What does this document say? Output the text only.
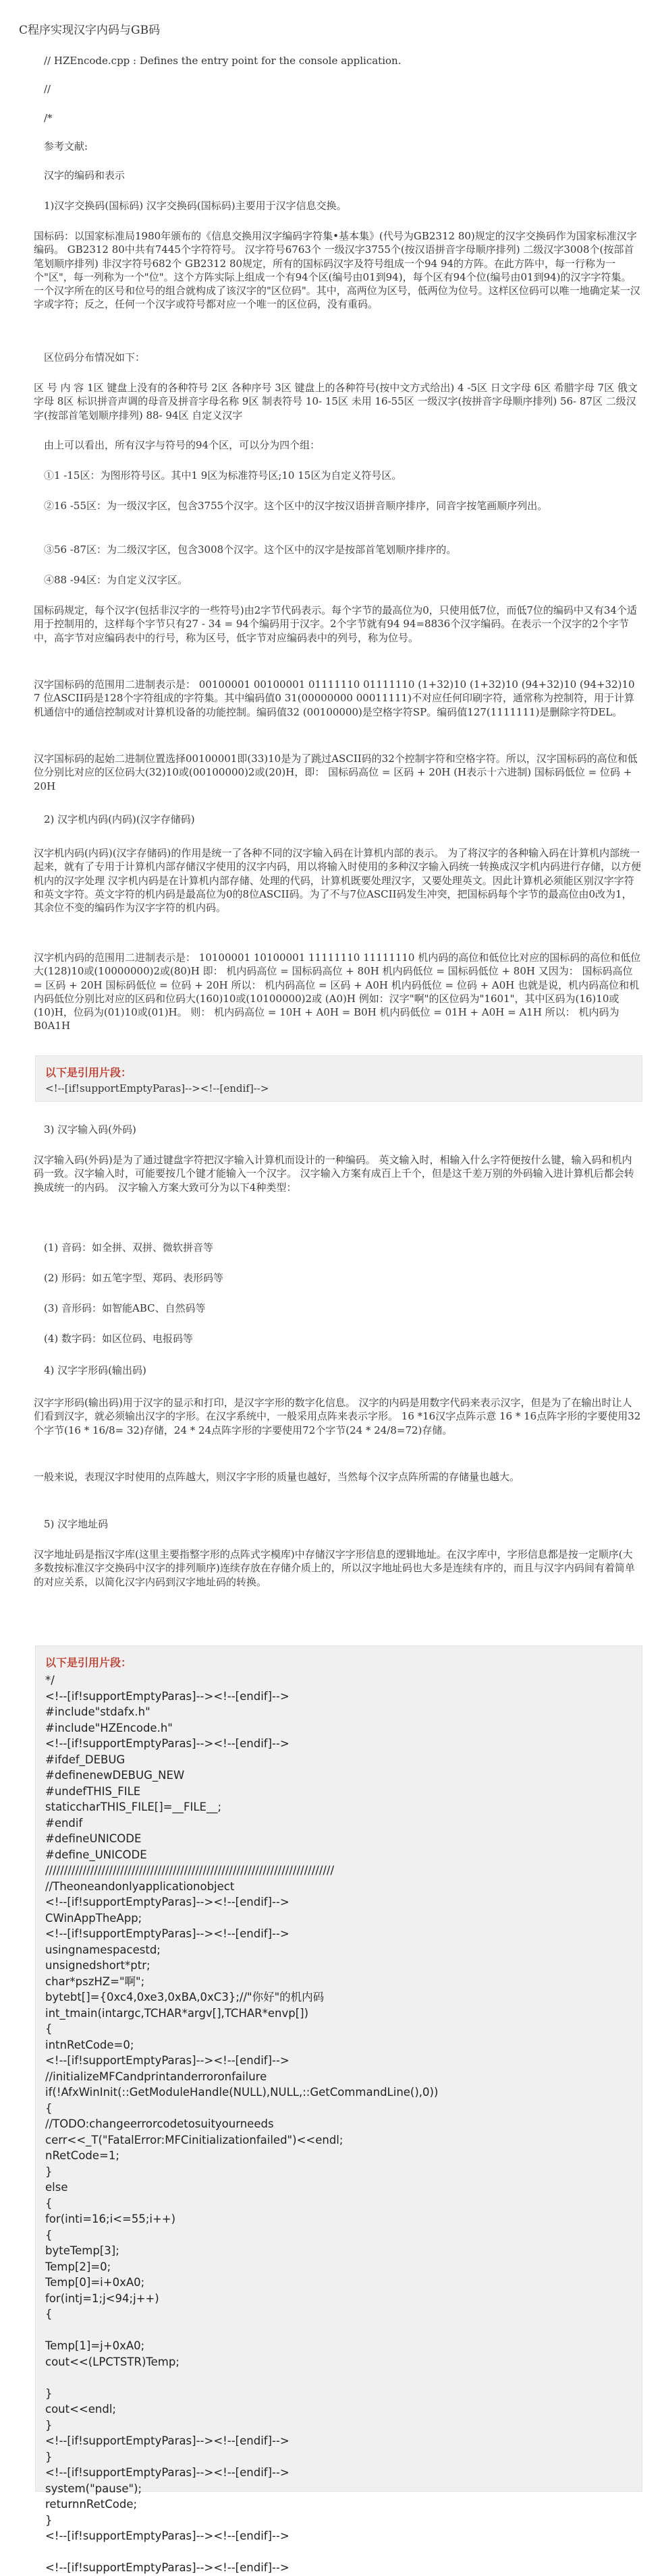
C程序实现汉字内码与GB码

// HZEncode.cpp : Defines the entry point for the console application.

//

/*

参考文献:

汉字的编码和表示

1)汉字交换码(国标码) 汉字交换码(国标码)主要用于汉字信息交换。

国标码：以国家标准局1980年颁布的《信息交换用汉字编码字符集•基本集》(代号为GB2312 80)规定的汉字交换码作为国家标准汉字编码。 GB2312 80中共有7445个字符符号。 汉字符号6763个 一级汉字3755个(按汉语拼音字母顺序排列) 二级汉字3008个(按部首笔划顺序排列) 非汉字符号682个 GB2312 80规定，所有的国标码汉字及符号组成一个94 94的方阵。在此方阵中，每一行称为一个"区"，每一列称为一个"位"。这个方阵实际上组成一个有94个区(编号由01到94)，每个区有94个位(编号由01到94)的汉字字符集。 一个汉字所在的区号和位号的组合就构成了该汉字的"区位码"。其中，高两位为区号，低两位为位号。这样区位码可以唯一地确定某一汉字或字符；反之，任何一个汉字或符号都对应一个唯一的区位码，没有重码。

区位码分布情况如下：

区 号 内 容 1区 键盘上没有的各种符号 2区 各种序号 3区 键盘上的各种符号(按中文方式给出) 4 -5区 日文字母 6区 希腊字母 7区 俄文字母 8区 标识拼音声调的母音及拼音字母名称 9区 制表符号 10- 15区 未用 16-55区 一级汉字(按拼音字母顺序排列) 56- 87区 二级汉字(按部首笔划顺序排列) 88- 94区 自定义汉字

由上可以看出，所有汉字与符号的94个区，可以分为四个组：

①1 -15区：为图形符号区。其中1 9区为标准符号区;10 15区为自定义符号区。

②16 -55区：为一级汉字区，包含3755个汉字。这个区中的汉字按汉语拼音顺序排序，同音字按笔画顺序列出。

③56 -87区：为二级汉字区，包含3008个汉字。这个区中的汉字是按部首笔划顺序排序的。

④88 -94区：为自定义汉字区。

国标码规定，每个汉字(包括非汉字的一些符号)由2字节代码表示。每个字节的最高位为0，只使用低7位，而低7位的编码中又有34个适用于控制用的，这样每个字节只有27 - 34 = 94个编码用于汉字。2个字节就有94 94=8836个汉字编码。在表示一个汉字的2个字节中，高字节对应编码表中的行号，称为区号，低字节对应编码表中的列号，称为位号。

汉字国标码的范围用二进制表示是： 00100001 00100001 01111110 01111110 (1+32)10 (1+32)10 (94+32)10 (94+32)10 7 位ASCII码是128个字符组成的字符集。其中编码值0 31(00000000 00011111)不对应任何印刷字符，通常称为控制符，用于计算机通信中的通信控制或对计算机设备的功能控制。编码值32 (00100000)是空格字符SP。编码值127(1111111)是删除字符DEL。

汉字国标码的起始二进制位置选择00100001即(33)10是为了跳过ASCII码的32个控制字符和空格字符。所以，汉字国标码的高位和低位分别比对应的区位码大(32)10或(00100000)2或(20)H，即： 国标码高位 = 区码 + 20H (H表示十六进制) 国标码低位 = 位码 + 20H

2) 汉字机内码(内码)(汉字存储码)

汉字机内码(内码)(汉字存储码)的作用是统一了各种不同的汉字输入码在计算机内部的表示。 为了将汉字的各种输入码在计算机内部统一起来，就有了专用于计算机内部存储汉字使用的汉字内码，用以将输入时使用的多种汉字输入码统一转换成汉字机内码进行存储，以方便机内的汉字处理 汉字机内码是在计算机内部存储、处理的代码，计算机既要处理汉字，又要处理英文。因此计算机必须能区别汉字字符和英文字符。英文字符的机内码是最高位为0的8位ASCII码。为了不与7位ASCII码发生冲突，把国标码每个字节的最高位由0改为1，其余位不变的编码作为汉字字符的机内码。

汉字机内码的范围用二进制表示是： 10100001 10100001 11111110 11111110 机内码的高位和低位比对应的国标码的高位和低位大(128)10或(10000000)2或(80)H 即： 机内码高位 = 国标码高位 + 80H 机内码低位 = 国标码低位 + 80H 又因为： 国标码高位 = 区码 + 20H 国标码低位 = 位码 + 20H 所以： 机内码高位 = 区码 + A0H 机内码低位 = 位码 + A0H 也就是说，机内码高位和机内码低位分别比对应的区码和位码大(160)10或(10100000)2或 (A0)H 例如：汉字"啊"的区位码为"1601"，其中区码为(16)10或(10)H，位码为(01)10或(01)H。 则： 机内码高位 = 10H + A0H = B0H 机内码低位 = 01H + A0H = A1H 所以： 机内码为 B0A1H

以下是引用片段：

<!--[if!supportEmptyParas]--><!--[endif]-->

3) 汉字输入码(外码)

汉字输入码(外码)是为了通过键盘字符把汉字输入计算机而设计的一种编码。 英文输入时，相输入什么字符便按什么键，输入码和机内码一致。汉字输入时，可能要按几个键才能输入一个汉字。 汉字输入方案有成百上千个，但是这千差万别的外码输入进计算机后都会转换成统一的内码。 汉字输入方案大致可分为以下4种类型：

(1) 音码：如全拼、双拼、微软拼音等

(2) 形码：如五笔字型、郑码、表形码等

(3) 音形码：如智能ABC、自然码等

(4) 数字码：如区位码、电报码等

4) 汉字字形码(输出码)

汉字字形码(输出码)用于汉字的显示和打印，是汉字字形的数字化信息。 汉字的内码是用数字代码来表示汉字，但是为了在输出时让人们看到汉字，就必须输出汉字的字形。在汉字系统中，一般采用点阵来表示字形。 16 *16汉字点阵示意 16 * 16点阵字形的字要使用32个字节(16 * 16/8= 32)存储，24 * 24点阵字形的字要使用72个字节(24 * 24/8=72)存储。

一般来说，表现汉字时使用的点阵越大，则汉字字形的质量也越好，当然每个汉字点阵所需的存储量也越大。

5) 汉字地址码

汉字地址码是指汉字库(这里主要指整字形的点阵式字模库)中存储汉字字形信息的逻辑地址。在汉字库中，字形信息都是按一定顺序(大多数按标准汉字交换码中汉字的排列顺序)连续存放在存储介质上的，所以汉字地址码也大多是连续有序的，而且与汉字内码间有着简单的对应关系，以简化汉字内码到汉字地址码的转换。

以下是引用片段：

*/
<!--[if!supportEmptyParas]--><!--[endif]-->
#include"stdafx.h"
#include"HZEncode.h"
<!--[if!supportEmptyParas]--><!--[endif]-->
#ifdef_DEBUG
#definenewDEBUG_NEW
#undefTHIS_FILE
staticcharTHIS_FILE[]=__FILE__;
#endif
#defineUNICODE
#define_UNICODE
/////////////////////////////////////////////////////////////////////////////
//Theoneandonlyapplicationobject
<!--[if!supportEmptyParas]--><!--[endif]-->
CWinAppTheApp;
<!--[if!supportEmptyParas]--><!--[endif]-->
usingnamespacestd;
unsignedshort*ptr;
char*pszHZ="啊";
bytebt[]={0xc4,0xe3,0xBA,0xC3};//"你好"的机内码
int_tmain(intargc,TCHAR*argv[],TCHAR*envp[])
{
intnRetCode=0;
<!--[if!supportEmptyParas]--><!--[endif]-->
//initializeMFCandprintanderroronfailure
if(!AfxWinInit(::GetModuleHandle(NULL),NULL,::GetCommandLine(),0))
{
//TODO:changeerrorcodetosuityourneeds
cerr<<_T("FatalError:MFCinitializationfailed")<<endl;
nRetCode=1;
}
else
{
for(inti=16;i<=55;i++)
{
byteTemp[3];
Temp[2]=0;
Temp[0]=i+0xA0;
for(intj=1;j<94;j++)
{
Temp[1]=j+0xA0;
cout<<(LPCTSTR)Temp;
}
cout<<endl;
}
<!--[if!supportEmptyParas]--><!--[endif]-->
}
<!--[if!supportEmptyParas]--><!--[endif]-->
system("pause");
returnnRetCode;
}
<!--[if!supportEmptyParas]--><!--[endif]-->
<!--[if!supportEmptyParas]--><!--[endif]-->
